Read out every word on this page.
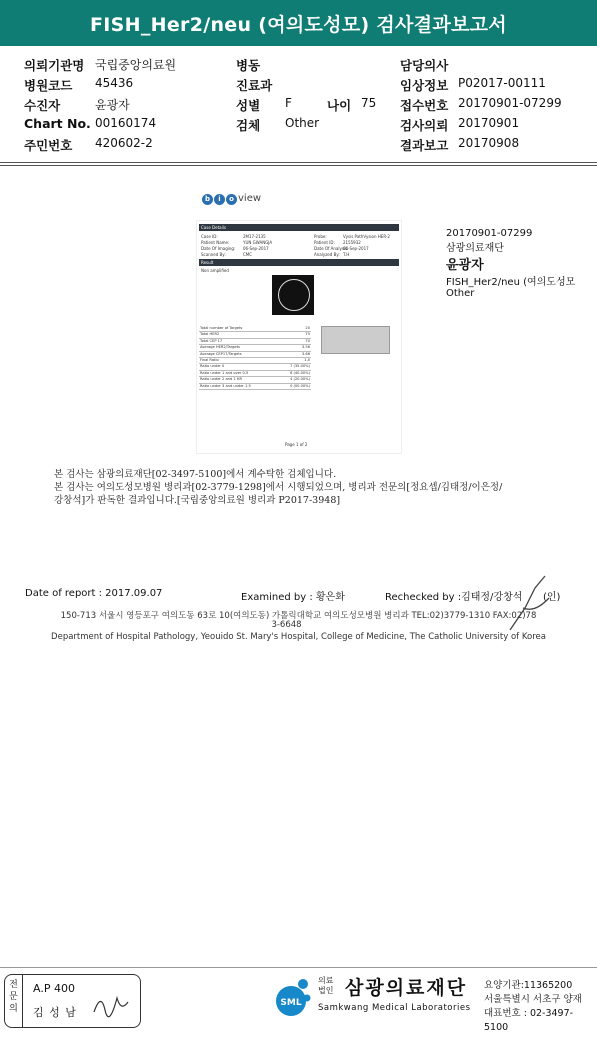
FISH_Her2/neu (여의도성모) 검사결과보고서
의뢰기관명 국립중앙의료원	병동	담당의사
병원코드 45436	진료과	임상정보 P02017-00111
수진자	윤광자	성별 F	나이 75 접수번호 20170901-07299
Chart No. 00160174	검체 Other	검사의뢰 20170901
주민번호 420602-2	결과보고 20170908
b i o view
Case Details
Case ID:	2M17-2135	Probe:	Vysis PathVysion HER-2
Patient Name:	YUN GWANGJA	Patient ID: 2155932
Date Of Imaging: 06-Sep-2017	Date Of Analysis:
06-Sep-2017
Scanned By:	CMC	Analyzed By: T.H
Result
Non amplified
Total number of Targets	20
Total HER2	75
Total CEP 17	70
Average HER2/Targets	3.56
Average CEP17/Targets	3.66
Final Ratio	1.0
Ratio under 0	7 (35.00%)
Ratio under 1 and over 0.5	8 (40.00%)
Ratio under 2 and 1 HR	4 (20.00%)
Ratio under 3 and under 1.5	0 (00.00%)
Page 1 of 2
20170901-07299
삼광의료재단
윤광자
FISH_Her2/neu (여의도성모
Other
본 검사는 삼광의료재단[02-3497-5100]에서 계수탁한 검체입니다.
본 검사는 여의도성모병원 병리과[02-3779-1298]에서 시행되었으며, 병리과 전문의[정요셉/김태정/이은정/
강창석]가 판독한 결과입니다.[국립중앙의료원 병리과 P2017-3948]
Date of report : 2017.09.07	Examined by : 황은화	Rechecked by :김태정/강창석 (인)
150-713 서울시 영등포구 여의도동 63로 10(여의도동) 가톨릭대학교 여의도성모병원 병리과 TEL:02)3779-1310 FAX:02)78
3-6648
Department of Hospital Pathology, Yeouido St. Mary's Hospital, College of Medicine, The Catholic University of Korea
전문의
A.P 400
김 성 남
SML
의료법인 삼광의료재단
Samkwang Medical Laboratories
요양기관:11365200
서울특별시 서초구 양재
대표번호 : 02-3497-5100
